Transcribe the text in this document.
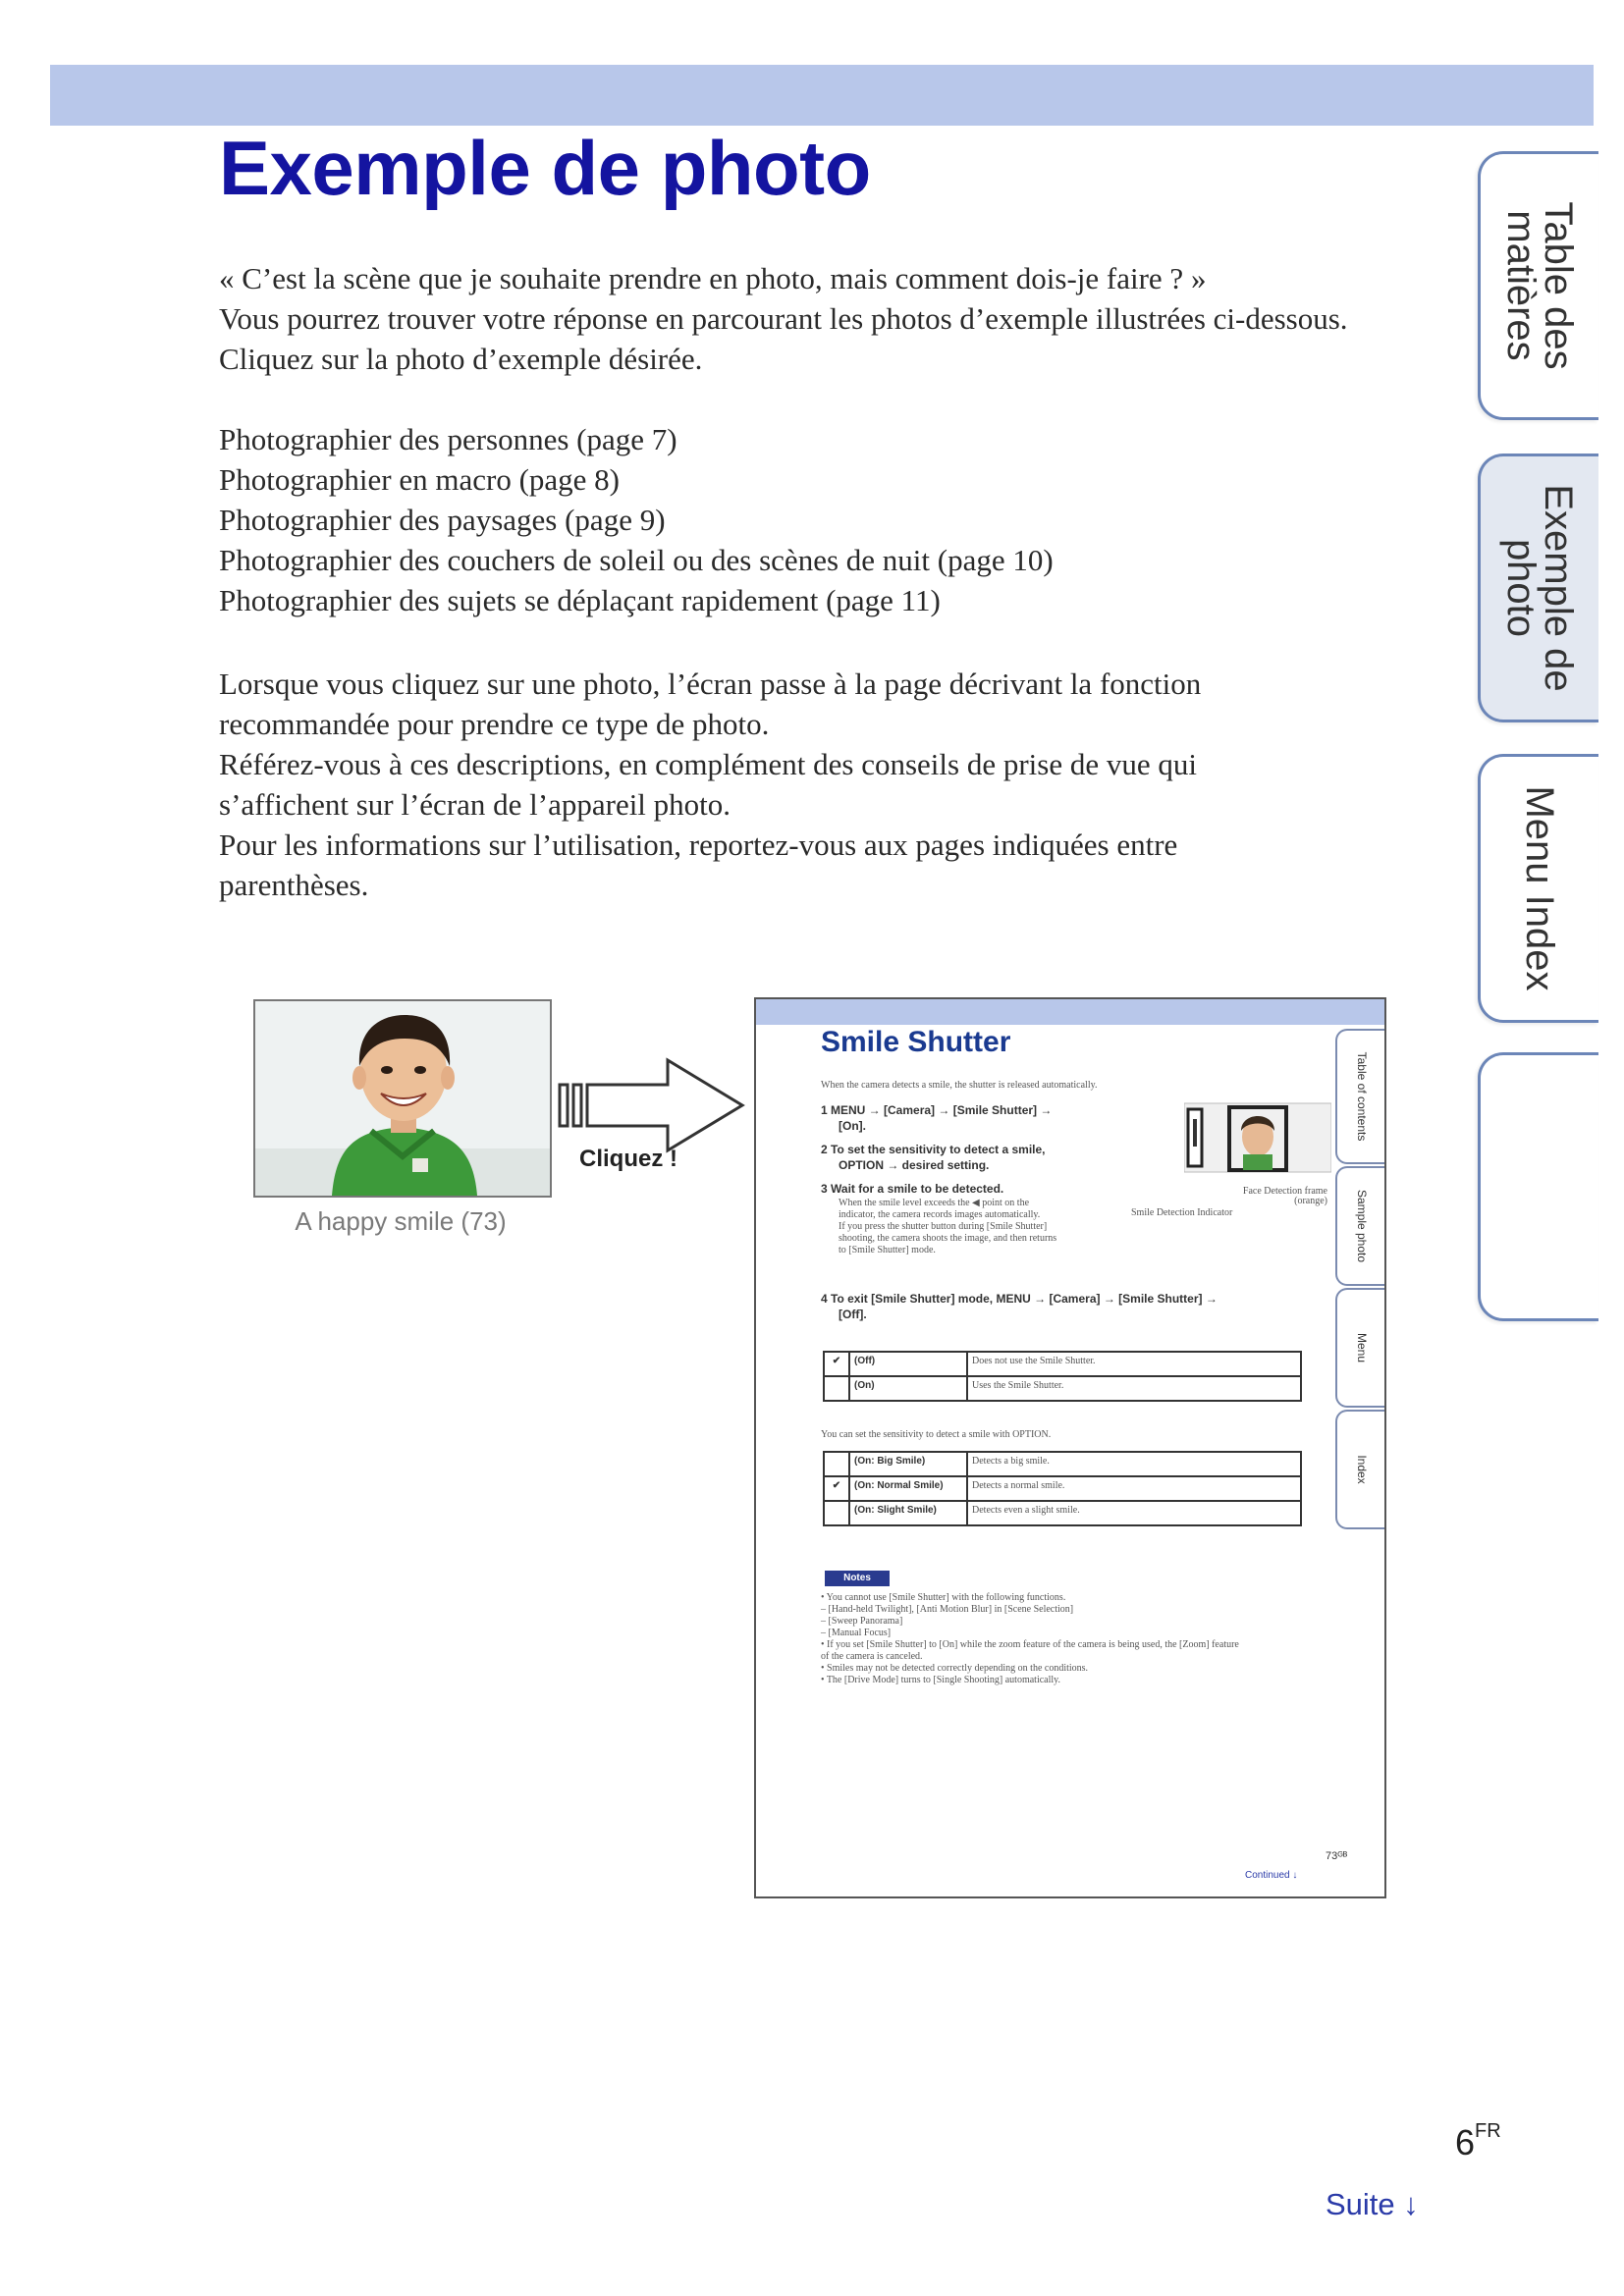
Exemple de photo

« C’est la scène que je souhaite prendre en photo, mais comment dois-je faire ? »

Vous pourrez trouver votre réponse en parcourant les photos d’exemple illustrées ci-dessous. Cliquez sur la photo d’exemple désirée.

Photographier des personnes (page 7)

Photographier en macro (page 8)

Photographier des paysages (page 9)

Photographier des couchers de soleil ou des scènes de nuit (page 10)

Photographier des sujets se déplaçant rapidement (page 11)

Lorsque vous cliquez sur une photo, l’écran passe à la page décrivant la fonction recommandée pour prendre ce type de photo.

Référez-vous à ces descriptions, en complément des conseils de prise de vue qui s’affichent sur l’écran de l’appareil photo.

Pour les informations sur l’utilisation, reportez-vous aux pages indiquées entre parenthèses.

Table des matières
Exemple de photo
Menu Index
A happy smile (73)
Cliquez !
Smile Shutter
When the camera detects a smile, the shutter is released automatically.
1 MENU → [Camera] → [Smile Shutter] →
[On].
2 To set the sensitivity to detect a smile,
OPTION → desired setting.
3 Wait for a smile to be detected.
When the smile level exceeds the ◀ point on the
indicator, the camera records images automatically.
If you press the shutter button during [Smile Shutter]
shooting, the camera shoots the image, and then returns
to [Smile Shutter] mode.
4 To exit [Smile Shutter] mode, MENU → [Camera] → [Smile Shutter] →
[Off].
Face Detection frame
(orange)
Smile Detection Indicator
✔	(Off)	Does not use the Smile Shutter.
	(On)	Uses the Smile Shutter.
You can set the sensitivity to detect a smile with OPTION.
	(On: Big Smile)	Detects a big smile.
✔	(On: Normal Smile)	Detects a normal smile.
	(On: Slight Smile)	Detects even a slight smile.
Notes
• You cannot use [Smile Shutter] with the following functions.
– [Hand-held Twilight], [Anti Motion Blur] in [Scene Selection]
– [Sweep Panorama]
– [Manual Focus]
• If you set [Smile Shutter] to [On] while the zoom feature of the camera is being used, the [Zoom] feature
of the camera is canceled.
• Smiles may not be detected correctly depending on the conditions.
• The [Drive Mode] turns to [Single Shooting] automatically.
Table of contents
Sample photo
Menu
Index
73ᴳᴮ
Continued ↓
$6^{FR}$
Suite ↓
